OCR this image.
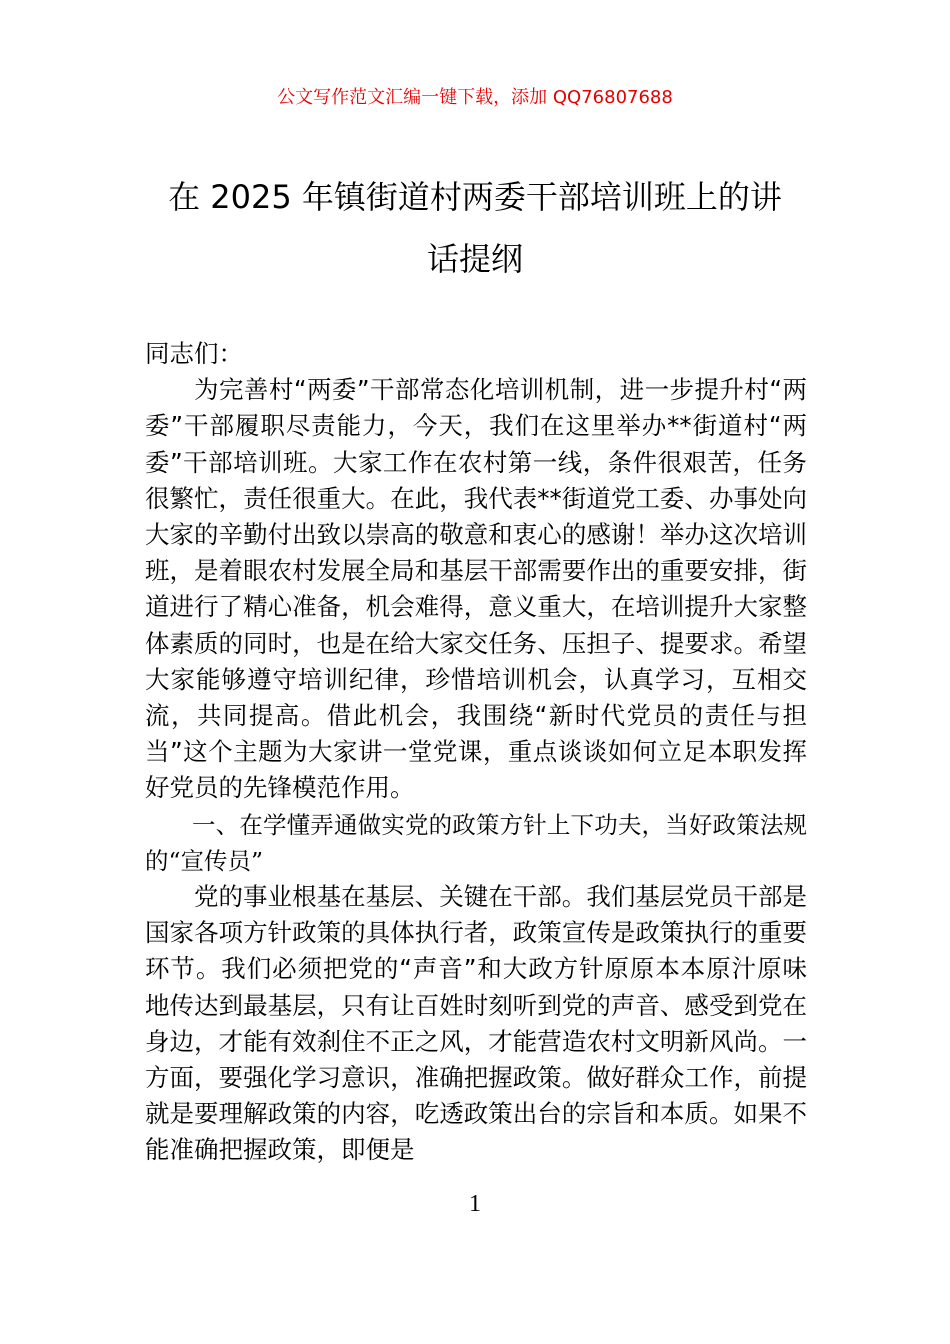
公文写作范文汇编一键下载，添加 QQ76807688
在 2025 年镇街道村两委干部培训班上的讲
话提纲

同志们：

为完善村“两委”干部常态化培训机制，进一步提升村“两委”干部履职尽责能力，今天，我们在这里举办**街道村“两委”干部培训班。大家工作在农村第一线，条件很艰苦，任务很繁忙，责任很重大。在此，我代表**街道党工委、办事处向大家的辛勤付出致以崇高的敬意和衷心的感谢！举办这次培训班，是着眼农村发展全局和基层干部需要作出的重要安排，街道进行了精心准备，机会难得，意义重大，在培训提升大家整体素质的同时，也是在给大家交任务、压担子、提要求。希望大家能够遵守培训纪律，珍惜培训机会，认真学习，互相交流，共同提高。借此机会，我围绕“新时代党员的责任与担当”这个主题为大家讲一堂党课，重点谈谈如何立足本职发挥好党员的先锋模范作用。

一、在学懂弄通做实党的政策方针上下功夫，当好政策法规的“宣传员”

党的事业根基在基层、关键在干部。我们基层党员干部是国家各项方针政策的具体执行者，政策宣传是政策执行的重要环节。我们必须把党的“声音”和大政方针原原本本原汁原味地传达到最基层，只有让百姓时刻听到党的声音、感受到党在身边，才能有效刹住不正之风，才能营造农村文明新风尚。一方面，要强化学习意识，准确把握政策。做好群众工作，前提就是要理解政策的内容，吃透政策出台的宗旨和本质。如果不能准确把握政策，即便是

1
